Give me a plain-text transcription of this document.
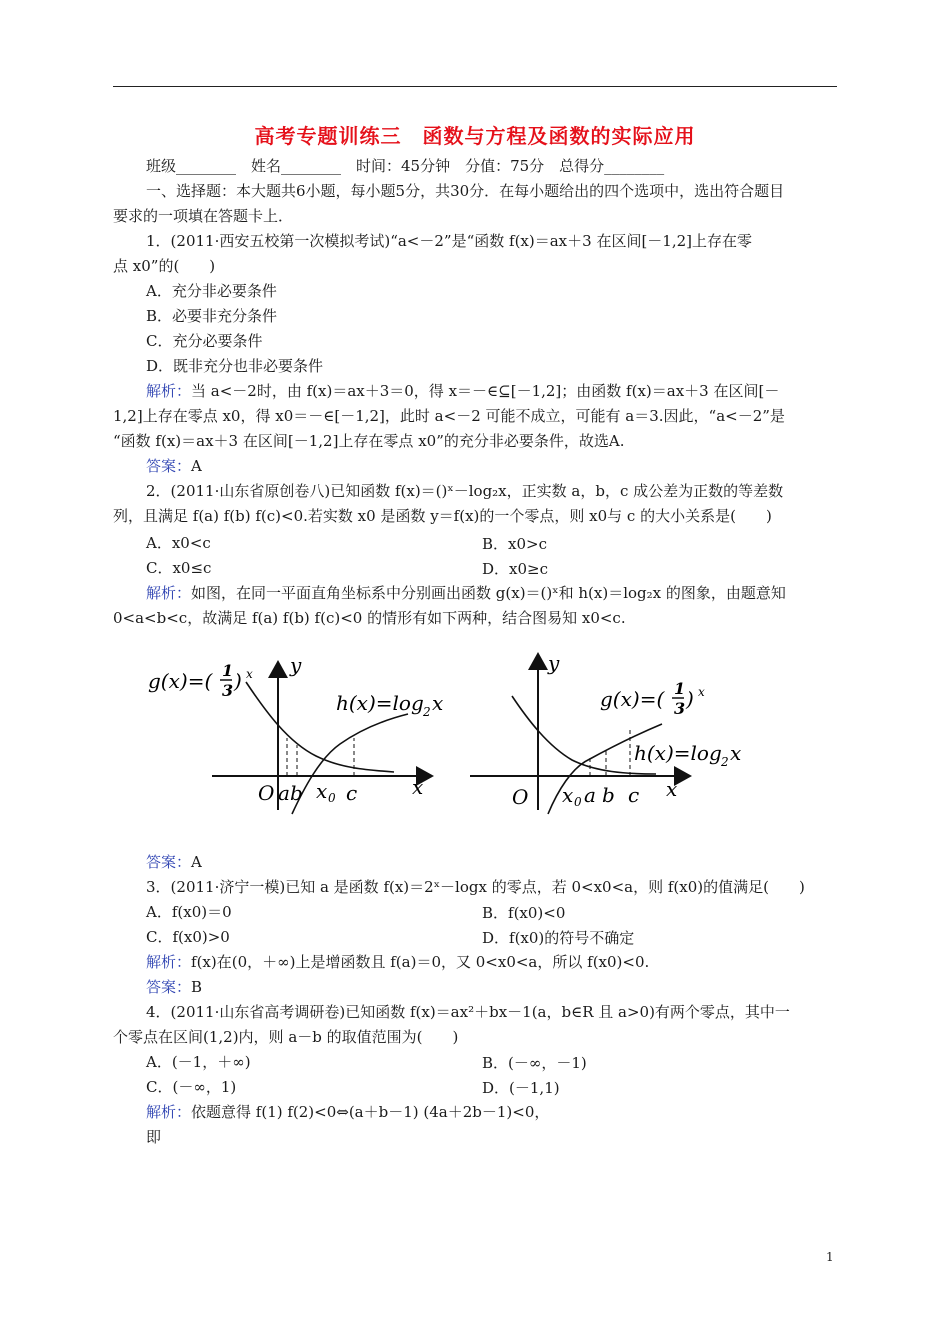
高考专题训练三　函数与方程及函数的实际应用
班级________　姓名________　时间：45分钟　分值：75分　总得分________
一、选择题：本大题共6小题，每小题5分，共30分．在每小题给出的四个选项中，选出符合题目
要求的一项填在答题卡上．
1．(2011·西安五校第一次模拟考试)“a<－2”是“函数 f(x)＝ax＋3 在区间[－1,2]上存在零
点 x0”的(　　)
A．充分非必要条件
B．必要非充分条件
C．充分必要条件
D．既非充分也非必要条件
解析：当 a<－2时，由 f(x)＝ax＋3＝0，得 x＝－∈⊆[－1,2]；由函数 f(x)＝ax＋3 在区间[－
1,2]上存在零点 x0，得 x0＝－∈[－1,2]，此时 a<－2 可能不成立，可能有 a＝3.因此，“a<－2”是
“函数 f(x)＝ax＋3 在区间[－1,2]上存在零点 x0”的充分非必要条件，故选A.
答案：A
2．(2011·山东省原创卷八)已知函数 f(x)＝()ˣ－log₂x，正实数 a，b，c 成公差为正数的等差数
列，且满足 f(a) f(b) f(c)<0.若实数 x0 是函数 y＝f(x)的一个零点，则 x0与 c 的大小关系是(　　)
A．x0<c	B．x0>c
C．x0≤c	D．x0≥c
解析：如图，在同一平面直角坐标系中分别画出函数 g(x)＝()ˣ和 h(x)＝log₂x 的图象，由题意知
0<a<b<c，故满足 f(a) f(b) f(c)<0 的情形有如下两种，结合图易知 x0<c.
y
x
O a b x 0 c
g(x)=( 1
3 ) x
h(x)=log 2 x
y
x
O x 0 a b c
g(x)=( 1
3 ) x
h(x)=log 2 x
答案：A
3．(2011·济宁一模)已知 a 是函数 f(x)＝2ˣ－logx 的零点，若 0<x0<a，则 f(x0)的值满足(　　)
A．f(x0)＝0	B．f(x0)<0
C．f(x0)>0	D．f(x0)的符号不确定
解析：f(x)在(0，＋∞)上是增函数且 f(a)＝0，又 0<x0<a，所以 f(x0)<0.
答案：B
4．(2011·山东省高考调研卷)已知函数 f(x)＝ax²＋bx－1(a，b∈R 且 a>0)有两个零点，其中一
个零点在区间(1,2)内，则 a－b 的取值范围为(　　)
A．(－1，＋∞)	B．(－∞，－1)
C．(－∞，1)	D．(－1,1)
解析：依题意得 f(1) f(2)<0⇔(a＋b－1) (4a＋2b－1)<0，
即
1
